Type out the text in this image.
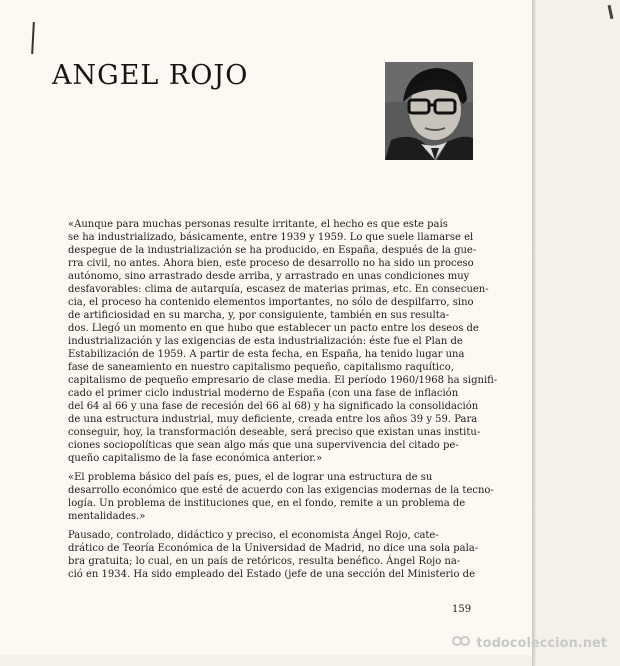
ANGEL ROJO

«Aunque para muchas personas resulte irritante, el hecho es que este país
se ha industrializado, básicamente, entre 1939 y 1959. Lo que suele llamarse el
despegue de la industrialización se ha producido, en España, después de la gue-
rra civil, no antes. Ahora bien, este proceso de desarrollo no ha sido un proceso
autónomo, sino arrastrado desde arriba, y arrastrado en unas condiciones muy
desfavorables: clima de autarquía, escasez de materias primas, etc. En consecuen-
cia, el proceso ha contenido elementos importantes, no sólo de despilfarro, sino
de artificiosidad en su marcha, y, por consiguiente, también en sus resulta-
dos. Llegó un momento en que hubo que establecer un pacto entre los deseos de
industrialización y las exigencias de esta industrialización: éste fue el Plan de
Estabilización de 1959. A partir de esta fecha, en España, ha tenido lugar una
fase de saneamiento en nuestro capitalismo pequeño, capitalismo raquítico,
capitalismo de pequeño empresario de clase media. El período 1960/1968 ha signifi-
cado el primer ciclo industrial moderno de España (con una fase de inflación
del 64 al 66 y una fase de recesión del 66 al 68) y ha significado la consolidación
de una estructura industrial, muy deficiente, creada entre los años 39 y 59. Para
conseguir, hoy, la transformación deseable, será preciso que existan unas institu-
ciones sociopolíticas que sean algo más que una supervivencia del citado pe-
queño capitalismo de la fase económica anterior.»

«El problema básico del país es, pues, el de lograr una estructura de su
desarrollo económico que esté de acuerdo con las exigencias modernas de la tecno-
logía. Un problema de instituciones que, en el fondo, remite a un problema de
mentalidades.»

Pausado, controlado, didáctico y preciso, el economista Ángel Rojo, cate-
drático de Teoría Económica de la Universidad de Madrid, no dice una sola pala-
bra gratuita; lo cual, en un país de retóricos, resulta benéfico. Ángel Rojo na-
ció en 1934. Ha sido empleado del Estado (jefe de una sección del Ministerio de

159
todocoleccion.net
